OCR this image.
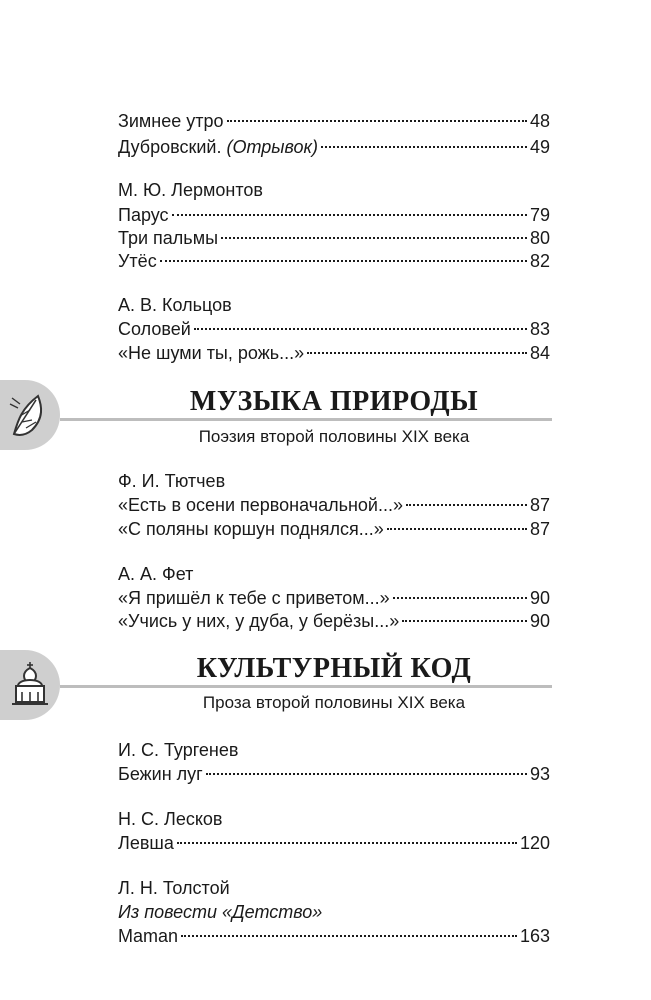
Зимнее утро	48
Дубровский. (Отрывок)	49
М. Ю. Лермонтов
Парус	79
Три пальмы	80
Утёс	82
А. В. Кольцов
Соловей	83
«Не шуми ты, рожь...»	84
МУЗЫКА ПРИРОДЫ
Поэзия второй половины XIX века
Ф. И. Тютчев
«Есть в осени первоначальной...»	87
«С поляны коршун поднялся...»	87
А. А. Фет
«Я пришёл к тебе с приветом...»	90
«Учись у них, у дуба, у берёзы...»	90
КУЛЬТУРНЫЙ КОД
Проза второй половины XIX века
И. С. Тургенев
Бежин луг	93
Н. С. Лесков
Левша	120
Л. Н. Толстой
Из повести «Детство»
Maman	163
